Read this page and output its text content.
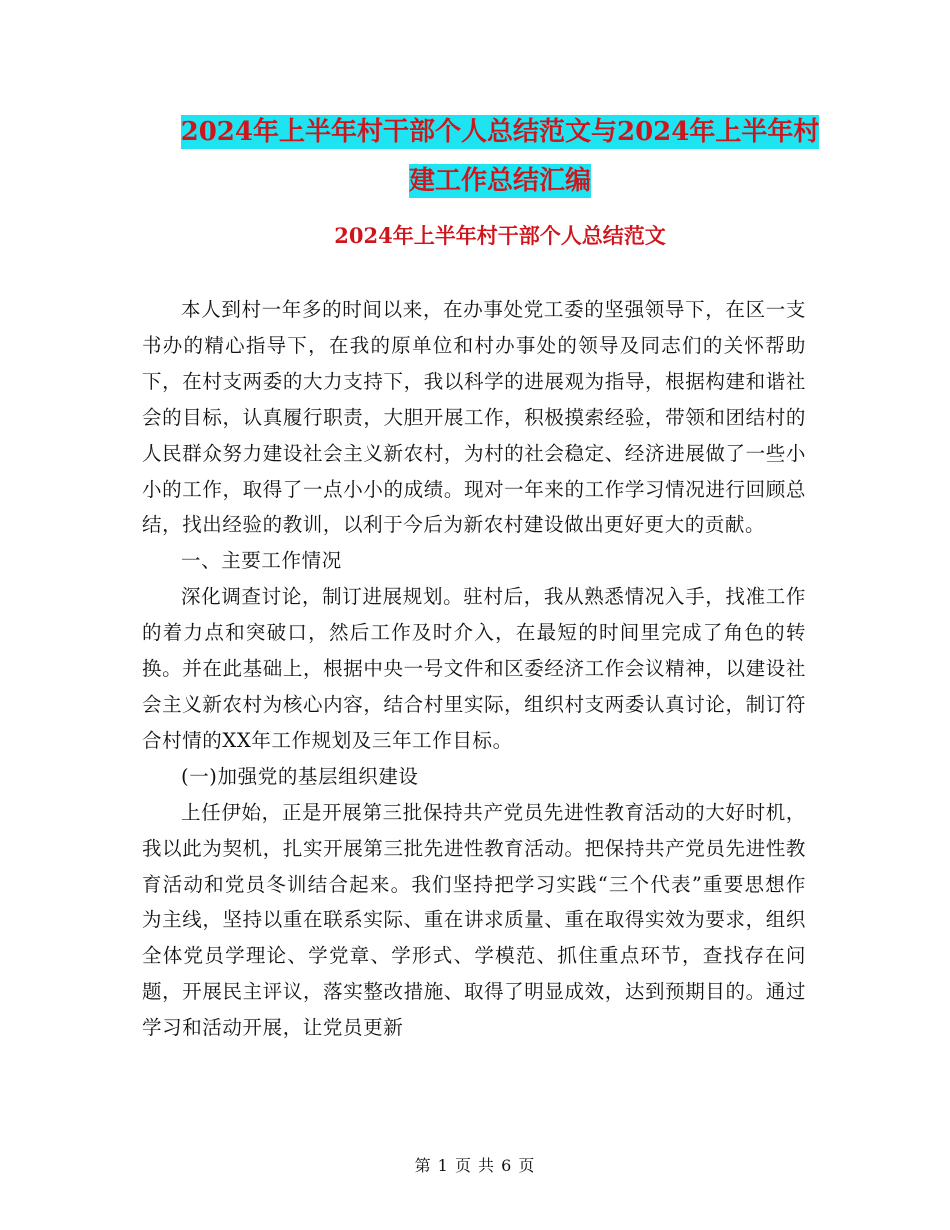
2024年上半年村干部个人总结范文与2024年上半年村
建工作总结汇编
2024年上半年村干部个人总结范文

本人到村一年多的时间以来，在办事处党工委的坚强领导下，在区一支书办的精心指导下，在我的原单位和村办事处的领导及同志们的关怀帮助下，在村支两委的大力支持下，我以科学的进展观为指导，根据构建和谐社会的目标，认真履行职责，大胆开展工作，积极摸索经验，带领和团结村的人民群众努力建设社会主义新农村，为村的社会稳定、经济进展做了一些小小的工作，取得了一点小小的成绩。现对一年来的工作学习情况进行回顾总结，找出经验的教训，以利于今后为新农村建设做出更好更大的贡献。

一、主要工作情况

深化调查讨论，制订进展规划。驻村后，我从熟悉情况入手，找准工作的着力点和突破口，然后工作及时介入，在最短的时间里完成了角色的转换。并在此基础上，根据中央一号文件和区委经济工作会议精神，以建设社会主义新农村为核心内容，结合村里实际，组织村支两委认真讨论，制订符合村情的XX年工作规划及三年工作目标。

(一)加强党的基层组织建设

上任伊始，正是开展第三批保持共产党员先进性教育活动的大好时机，我以此为契机，扎实开展第三批先进性教育活动。把保持共产党员先进性教育活动和党员冬训结合起来。我们坚持把学习实践“三个代表”重要思想作为主线，坚持以重在联系实际、重在讲求质量、重在取得实效为要求，组织全体党员学理论、学党章、学形式、学模范、抓住重点环节，查找存在问题，开展民主评议，落实整改措施、取得了明显成效，达到预期目的。通过学习和活动开展，让党员更新

第 1 页 共 6 页
